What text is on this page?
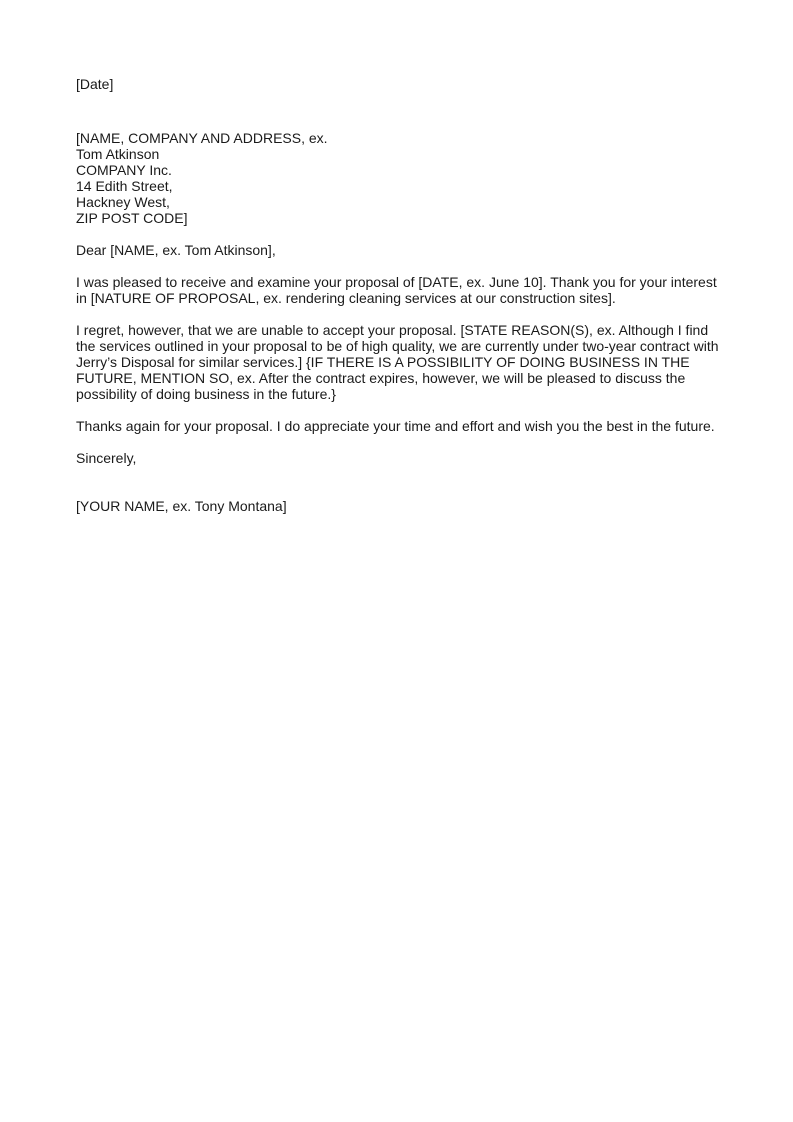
[Date]
[NAME, COMPANY AND ADDRESS, ex.
Tom Atkinson
COMPANY Inc.
14 Edith Street,
Hackney West,
ZIP POST CODE]
Dear [NAME, ex. Tom Atkinson],
I was pleased to receive and examine your proposal of [DATE, ex. June 10]. Thank you for your interest
in [NATURE OF PROPOSAL, ex. rendering cleaning services at our construction sites].
I regret, however, that we are unable to accept your proposal. [STATE REASON(S), ex. Although I find
the services outlined in your proposal to be of high quality, we are currently under two-year contract with
Jerry’s Disposal for similar services.] {IF THERE IS A POSSIBILITY OF DOING BUSINESS IN THE
FUTURE, MENTION SO, ex. After the contract expires, however, we will be pleased to discuss the
possibility of doing business in the future.}
Thanks again for your proposal. I do appreciate your time and effort and wish you the best in the future.
Sincerely,
[YOUR NAME, ex. Tony Montana]
